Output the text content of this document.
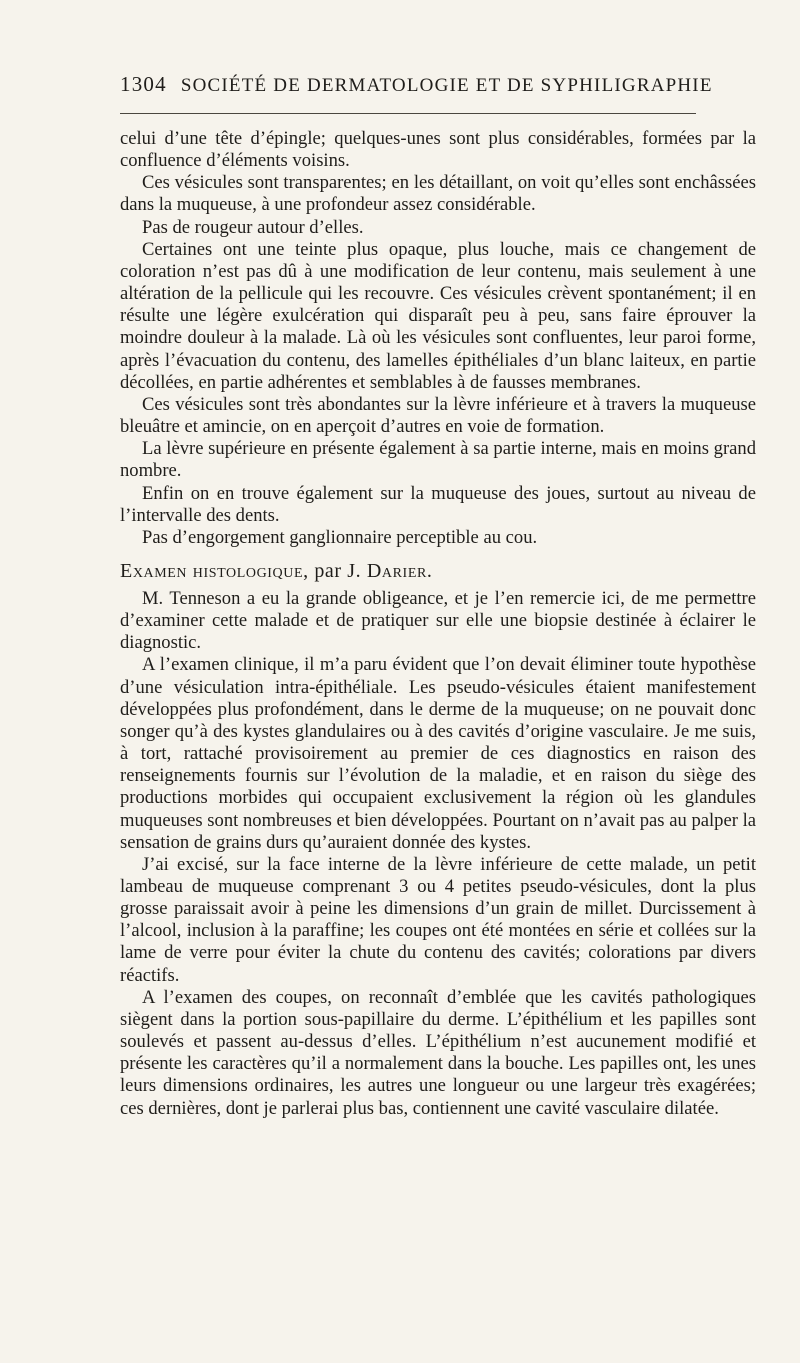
1304 SOCIÉTÉ DE DERMATOLOGIE ET DE SYPHILIGRAPHIE

celui d’une tête d’épingle; quelques-unes sont plus considérables, formées par la confluence d’éléments voisins.

Ces vésicules sont transparentes; en les détaillant, on voit qu’elles sont enchâssées dans la muqueuse, à une profondeur assez considérable.

Pas de rougeur autour d’elles.

Certaines ont une teinte plus opaque, plus louche, mais ce changement de coloration n’est pas dû à une modification de leur contenu, mais seulement à une altération de la pellicule qui les recouvre. Ces vésicules crèvent spontanément; il en résulte une légère exulcération qui disparaît peu à peu, sans faire éprouver la moindre douleur à la malade. Là où les vésicules sont confluentes, leur paroi forme, après l’évacuation du contenu, des lamelles épithéliales d’un blanc laiteux, en partie décollées, en partie adhérentes et semblables à de fausses membranes.

Ces vésicules sont très abondantes sur la lèvre inférieure et à travers la muqueuse bleuâtre et amincie, on en aperçoit d’autres en voie de formation.

La lèvre supérieure en présente également à sa partie interne, mais en moins grand nombre.

Enfin on en trouve également sur la muqueuse des joues, surtout au niveau de l’intervalle des dents.

Pas d’engorgement ganglionnaire perceptible au cou.

Examen histologique, par J. Darier.

M. Tenneson a eu la grande obligeance, et je l’en remercie ici, de me permettre d’examiner cette malade et de pratiquer sur elle une biopsie destinée à éclairer le diagnostic.

A l’examen clinique, il m’a paru évident que l’on devait éliminer toute hypothèse d’une vésiculation intra-épithéliale. Les pseudo-vésicules étaient manifestement développées plus profondément, dans le derme de la muqueuse; on ne pouvait donc songer qu’à des kystes glandulaires ou à des cavités d’origine vasculaire. Je me suis, à tort, rattaché provisoirement au premier de ces diagnostics en raison des renseignements fournis sur l’évolution de la maladie, et en raison du siège des productions morbides qui occupaient exclusivement la région où les glandules muqueuses sont nombreuses et bien développées. Pourtant on n’avait pas au palper la sensation de grains durs qu’auraient donnée des kystes.

J’ai excisé, sur la face interne de la lèvre inférieure de cette malade, un petit lambeau de muqueuse comprenant 3 ou 4 petites pseudo-vésicules, dont la plus grosse paraissait avoir à peine les dimensions d’un grain de millet. Durcissement à l’alcool, inclusion à la paraffine; les coupes ont été montées en série et collées sur la lame de verre pour éviter la chute du contenu des cavités; colorations par divers réactifs.

A l’examen des coupes, on reconnaît d’emblée que les cavités pathologiques siègent dans la portion sous-papillaire du derme. L’épithélium et les papilles sont soulevés et passent au-dessus d’elles. L’épithélium n’est aucunement modifié et présente les caractères qu’il a normalement dans la bouche. Les papilles ont, les unes leurs dimensions ordinaires, les autres une longueur ou une largeur très exagérées; ces dernières, dont je parlerai plus bas, contiennent une cavité vasculaire dilatée.
